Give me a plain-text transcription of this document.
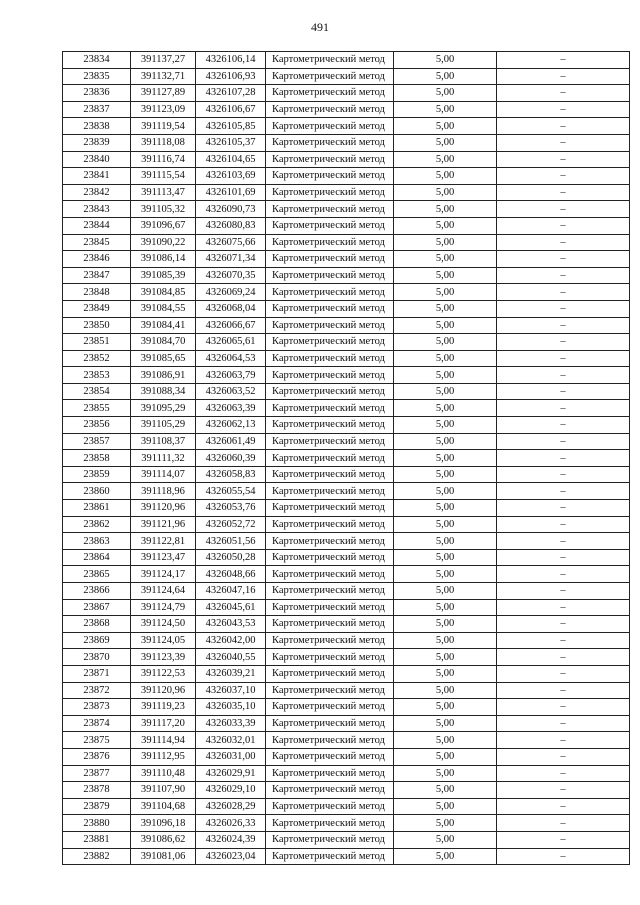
491
23834	391137,27	4326106,14	Картометрический метод	5,00	–
23835	391132,71	4326106,93	Картометрический метод	5,00	–
23836	391127,89	4326107,28	Картометрический метод	5,00	–
23837	391123,09	4326106,67	Картометрический метод	5,00	–
23838	391119,54	4326105,85	Картометрический метод	5,00	–
23839	391118,08	4326105,37	Картометрический метод	5,00	–
23840	391116,74	4326104,65	Картометрический метод	5,00	–
23841	391115,54	4326103,69	Картометрический метод	5,00	–
23842	391113,47	4326101,69	Картометрический метод	5,00	–
23843	391105,32	4326090,73	Картометрический метод	5,00	–
23844	391096,67	4326080,83	Картометрический метод	5,00	–
23845	391090,22	4326075,66	Картометрический метод	5,00	–
23846	391086,14	4326071,34	Картометрический метод	5,00	–
23847	391085,39	4326070,35	Картометрический метод	5,00	–
23848	391084,85	4326069,24	Картометрический метод	5,00	–
23849	391084,55	4326068,04	Картометрический метод	5,00	–
23850	391084,41	4326066,67	Картометрический метод	5,00	–
23851	391084,70	4326065,61	Картометрический метод	5,00	–
23852	391085,65	4326064,53	Картометрический метод	5,00	–
23853	391086,91	4326063,79	Картометрический метод	5,00	–
23854	391088,34	4326063,52	Картометрический метод	5,00	–
23855	391095,29	4326063,39	Картометрический метод	5,00	–
23856	391105,29	4326062,13	Картометрический метод	5,00	–
23857	391108,37	4326061,49	Картометрический метод	5,00	–
23858	391111,32	4326060,39	Картометрический метод	5,00	–
23859	391114,07	4326058,83	Картометрический метод	5,00	–
23860	391118,96	4326055,54	Картометрический метод	5,00	–
23861	391120,96	4326053,76	Картометрический метод	5,00	–
23862	391121,96	4326052,72	Картометрический метод	5,00	–
23863	391122,81	4326051,56	Картометрический метод	5,00	–
23864	391123,47	4326050,28	Картометрический метод	5,00	–
23865	391124,17	4326048,66	Картометрический метод	5,00	–
23866	391124,64	4326047,16	Картометрический метод	5,00	–
23867	391124,79	4326045,61	Картометрический метод	5,00	–
23868	391124,50	4326043,53	Картометрический метод	5,00	–
23869	391124,05	4326042,00	Картометрический метод	5,00	–
23870	391123,39	4326040,55	Картометрический метод	5,00	–
23871	391122,53	4326039,21	Картометрический метод	5,00	–
23872	391120,96	4326037,10	Картометрический метод	5,00	–
23873	391119,23	4326035,10	Картометрический метод	5,00	–
23874	391117,20	4326033,39	Картометрический метод	5,00	–
23875	391114,94	4326032,01	Картометрический метод	5,00	–
23876	391112,95	4326031,00	Картометрический метод	5,00	–
23877	391110,48	4326029,91	Картометрический метод	5,00	–
23878	391107,90	4326029,10	Картометрический метод	5,00	–
23879	391104,68	4326028,29	Картометрический метод	5,00	–
23880	391096,18	4326026,33	Картометрический метод	5,00	–
23881	391086,62	4326024,39	Картометрический метод	5,00	–
23882	391081,06	4326023,04	Картометрический метод	5,00	–
